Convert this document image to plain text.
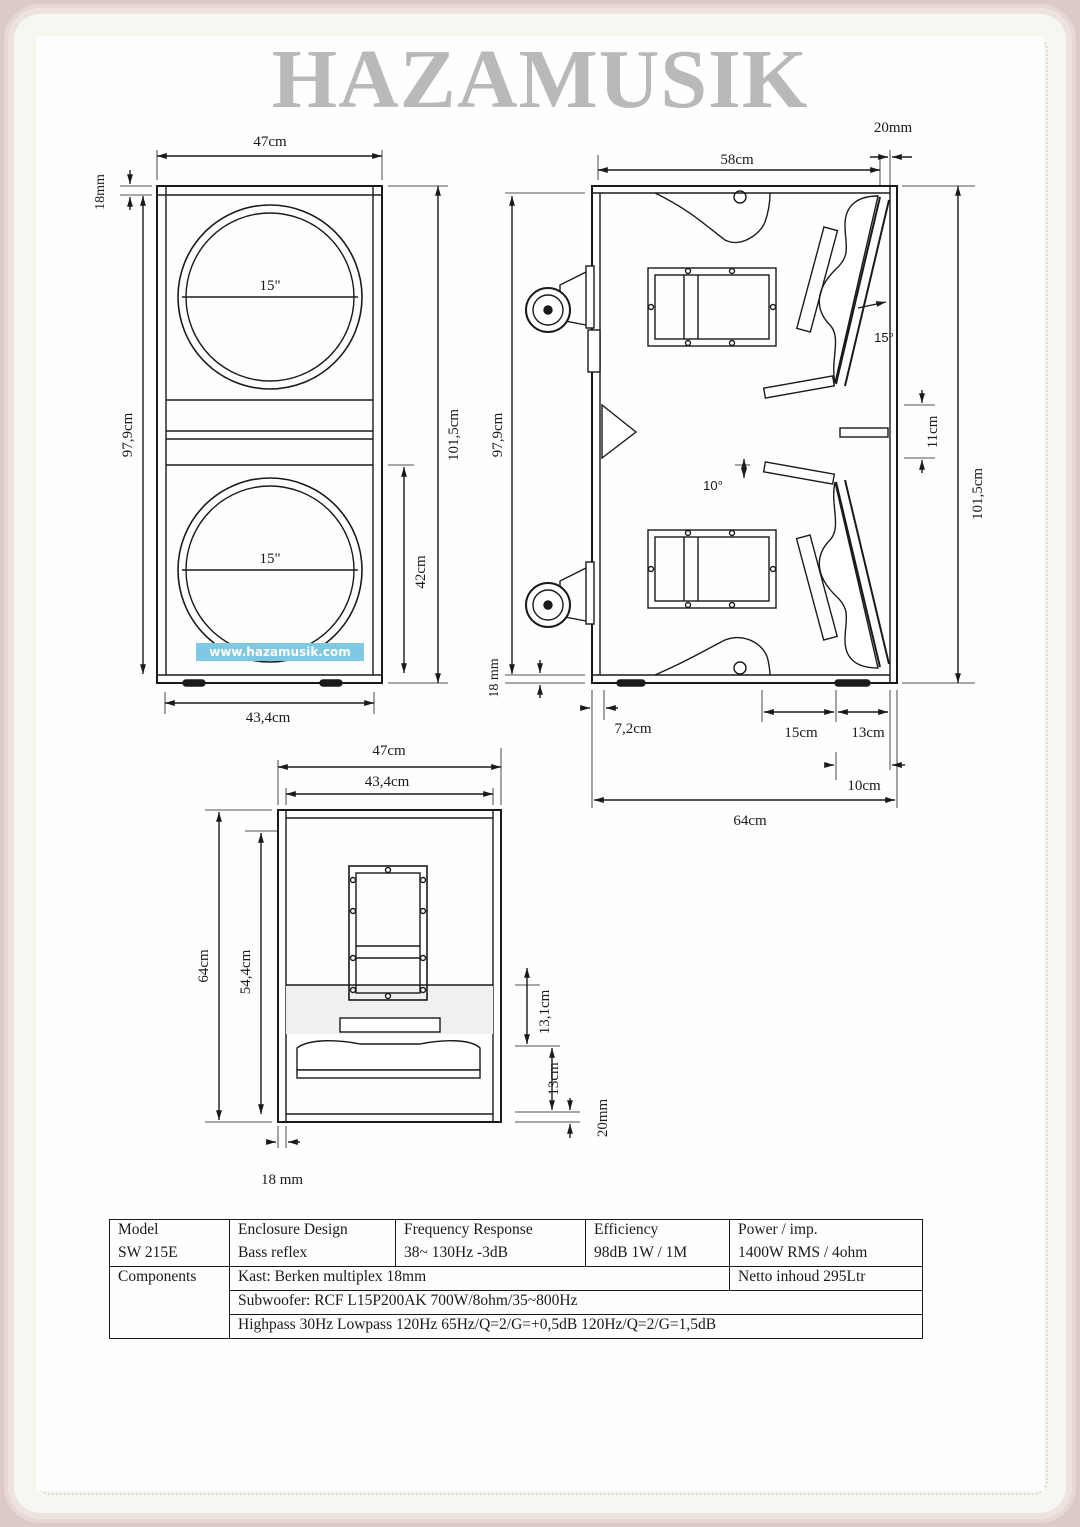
HAZAMUSIK
47cm
18mm
97,9cm	101,5cm
42cm
15"
15"
43,4cm
58cm
20mm
97,9cm
101,5cm
18 mm
15°
10°
11cm
7,2cm	15cm 13cm
10cm
64cm
47cm
43,4cm
64cm 54,4cm
13,1cm
13cm
20mm
18 mm
www.hazamusik.com
Model	Enclosure Design	Frequency Response	Efficiency	Power / imp.
SW 215E	Bass reflex	38~ 130Hz -3dB	98dB 1W / 1M	1400W RMS / 4ohm
Components	Kast: Berken multiplex 18mm			Netto inhoud 295Ltr
	Subwoofer: RCF L15P200AK 700W/8ohm/35~800Hz			
	Highpass 30Hz Lowpass 120Hz 65Hz/Q=2/G=+0,5dB 120Hz/Q=2/G=1,5dB			
